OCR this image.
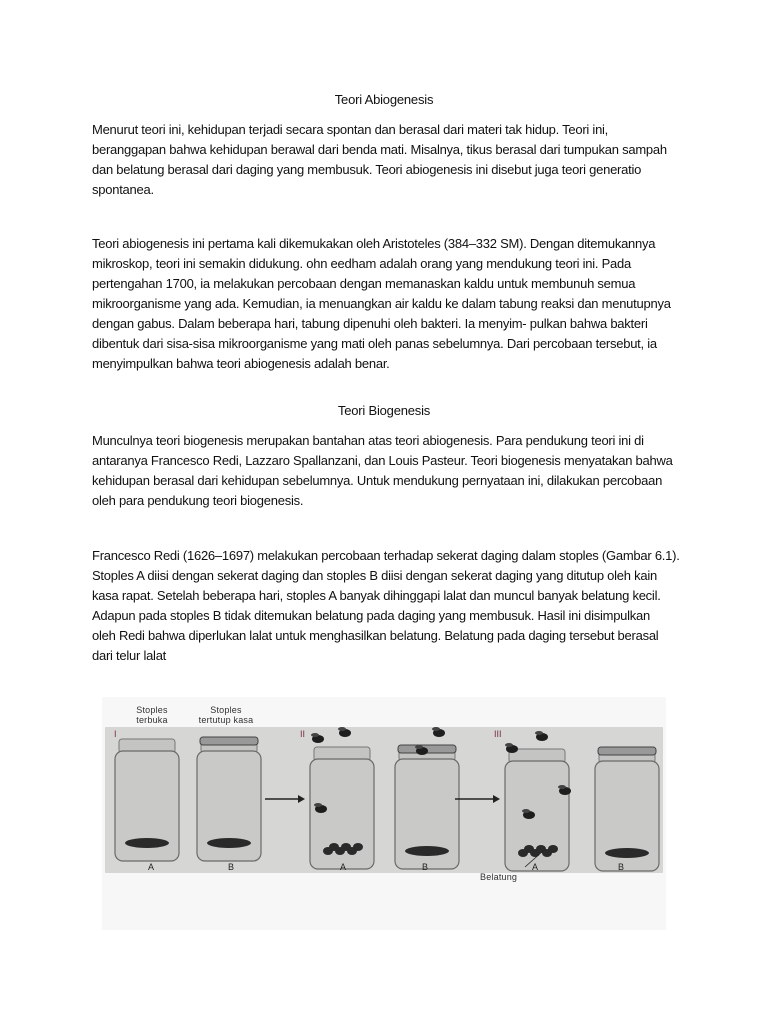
Teori Abiogenesis
Menurut teori ini, kehidupan terjadi secara spontan dan berasal dari materi tak hidup. Teori ini,
beranggapan bahwa kehidupan berawal dari benda mati. Misalnya, tikus berasal dari tumpukan sampah
dan belatung berasal dari daging yang membusuk. Teori abiogenesis ini disebut juga teori generatio
spontanea.
Teori abiogenesis ini pertama kali dikemukakan oleh Aristoteles (384–332 SM). Dengan ditemukannya
mikroskop, teori ini semakin didukung. ohn eedham adalah orang yang mendukung teori ini. Pada
pertengahan 1700, ia melakukan percobaan dengan memanaskan kaldu untuk membunuh semua
mikroorganisme yang ada. Kemudian, ia menuangkan air kaldu ke dalam tabung reaksi dan menutupnya
dengan gabus. Dalam beberapa hari, tabung dipenuhi oleh bakteri. Ia menyim- pulkan bahwa bakteri
dibentuk dari sisa-sisa mikroorganisme yang mati oleh panas sebelumnya. Dari percobaan tersebut, ia
menyimpulkan bahwa teori abiogenesis adalah benar.
Teori Biogenesis
Munculnya teori biogenesis merupakan bantahan atas teori abiogenesis. Para pendukung teori ini di
antaranya Francesco Redi, Lazzaro Spallanzani, dan Louis Pasteur. Teori biogenesis menyatakan bahwa
kehidupan berasal dari kehidupan sebelumnya. Untuk mendukung pernyataan ini, dilakukan percobaan
oleh para pendukung teori biogenesis.
Francesco Redi (1626–1697) melakukan percobaan terhadap sekerat daging dalam stoples (Gambar 6.1).
Stoples A diisi dengan sekerat daging dan stoples B diisi dengan sekerat daging yang ditutup oleh kain
kasa rapat. Setelah beberapa hari, stoples A banyak dihinggapi lalat dan muncul banyak belatung kecil.
Adapun pada stoples B tidak ditemukan belatung pada daging yang membusuk. Hasil ini disimpulkan
oleh Redi bahwa diperlukan lalat untuk menghasilkan belatung. Belatung pada daging tersebut berasal
dari telur lalat
Stoples
terbuka
Stoples
tertutup kasa
I	II	III
A	B	A	B	A	B
Belatung
